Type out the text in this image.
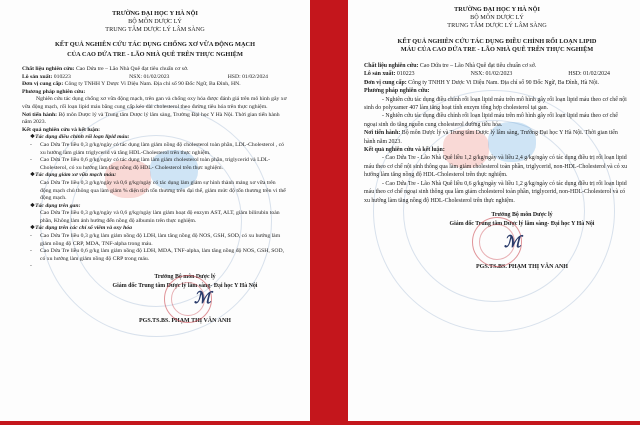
TRƯỜNG ĐẠI HỌC Y HÀ NỘI
BỘ MÔN DƯỢC LÝ
TRUNG TÂM DƯỢC LÝ LÂM SÀNG
KẾT QUẢ NGHIÊN CỨU TÁC DỤNG CHỐNG XƠ VỮA ĐỘNG MẠCH
CỦA CAO DỨA TRE - LÃO NHÀ QUÊ TRÊN THỰC NGHIỆM
Chất liệu nghiên cứu: Cao Dứa tre – Lão Nhà Quê đạt tiêu chuẩn cơ sở.
Lô sản xuất: 010223	NSX: 01/02/2023	HSD: 01/02/2024
Đơn vị cung cấp: Công ty TNHH Y Dược Vi Diệu Nam. Địa chỉ số 90 Đốc Ngữ, Ba Đình, HN.
Phương pháp nghiên cứu:
Nghiên cứu tác dụng chống xơ vữa động mạch, trên gan và chống oxy hóa được đánh giá trên mô hình gây xơ vữa động mạch, rối loạn lipid máu bằng cung cấp kéo dài cholesterol theo đường tiêu hóa trên thực nghiệm.
Nơi tiến hành: Bộ môn Dược lý và Trung tâm Dược lý lâm sàng, Trường Đại học Y Hà Nội. Thời gian tiến hành năm 2023.
Kết quả nghiên cứu và kết luận:
❖ Tác dụng điều chỉnh rối loạn lipid máu:
- Cao Dứa Tre liều 0,3 g/kg/ngày có tác dụng làm giảm nồng độ cholesterol toàn phần, LDL-Cholesterol , có xu hướng làm giảm triglycerid và tăng HDL-Cholesterol trên thực nghiệm.
- Cao Dứa Tre liều 0,6 g/kg/ngày có tác dụng làm làm giảm cholesterol toàn phần, triglycerid và LDL- Cholesterol, có xu hướng làm tăng nồng độ HDL- Cholesterol trên thực nghiệm.
❖ Tác dụng giảm xơ vữa mạch máu:
Cao Dứa Tre liều 0,3 g/kg/ngày và 0,6 g/kg/ngày có tác dụng làm giảm sự hình thành mảng xơ vữa trên động mạch chủ thông qua làm giảm % diện tích tổn thương trên đại thể, giảm mức độ tổn thương trên vi thể động mạch.
❖ Tác dụng trên gan:
Cao Dứa Tre liều 0,3 g/kg/ngày và 0,6 g/kg/ngày làm giảm hoạt độ enzym AST, ALT, giảm bilirubin toàn phần, Không làm ảnh hưởng đến nồng độ albumin trên thực nghiệm.
❖ Tác dụng trên các chỉ số viêm và oxy hóa
- Cao Dứa Tre liều 0,3 g/kg làm giảm nồng độ LDH, làm tăng nồng độ NOS, GSH, SOD, có xu hướng làm giảm nồng độ CRP, MDA, TNF-alpha trong máu.
- Cao Dứa Tre liều 0,6 g/kg làm giảm nồng độ LDH, MDA, TNF-alpha, làm tăng nồng độ NOS, GSH, SOD, có xu hướng làm giảm nồng độ CRP trong máu.
-

ℳ
Trưởng Bộ môn Dược lý
Giám đốc Trung tâm Dược lý lâm sàng- Đại học Y Hà Nội
PGS.TS.BS. PHẠM THỊ VÂN ANH
TRƯỜNG ĐẠI HỌC Y HÀ NỘI
BỘ MÔN DƯỢC LÝ
TRUNG TÂM DƯỢC LÝ LÂM SÀNG
KẾT QUẢ NGHIÊN CỨU TÁC DỤNG ĐIỀU CHỈNH RỐI LOẠN LIPID
MÁU CỦA CAO DỨA TRE - LÃO NHÀ QUÊ TRÊN THỰC NGHIỆM
Chất liệu nghiên cứu: Cao Dứa tre – Lão Nhà Quê đạt tiêu chuẩn cơ sở.
Lô sản xuất: 010223	NSX: 01/02/2023	HSD: 01/02/2024
Đơn vị cung cấp: Công ty TNHH Y Dược Vi Diệu Nam. Địa chỉ số 90 Đốc Ngữ, Ba Đình, Hà Nội.
Phương pháp nghiên cứu:
- Nghiên cứu tác dụng điều chỉnh rối loạn lipid máu trên mô hình gây rối loạn lipid máu theo cơ chế nội sinh do polyxamer 407 làm tăng hoạt tính enzym tổng hợp cholesterol tại gan.
- Nghiên cứu tác dụng điều chỉnh rối loạn lipid máu trên mô hình gây rối loạn lipid máu theo cơ chế ngoại sinh do tăng nguồn cung cholesterol đường tiêu hóa.
Nơi tiến hành: Bộ môn Dược lý và Trung tâm Dược lý lâm sàng, Trường Đại học Y Hà Nội. Thời gian tiến hành năm 2023.
Kết quả nghiên cứu và kết luận:
- Cao Dứa Tre - Lão Nhà Quê liều 1,2 g/kg/ngày và liều 2,4 g/kg/ngày có tác dụng điều trị rối loạn lipid máu theo cơ chế nội sinh thông qua làm giảm cholesterol toàn phần, triglycerid, non-HDL-Cholesterol và có xu hướng làm tăng nồng độ HDL-Cholesterol trên thực nghiệm.
- Cao Dứa Tre - Lão Nhà Quê liều 0,6 g/kg/ngày và liều 1,2 g/kg/ngày có tác dụng điều trị rối loạn lipid máu theo cơ chế ngoại sinh thông qua làm giảm cholesterol toàn phần, triglycerid, non-HDL-Cholesterol và có xu hướng làm tăng nồng độ HDL-Cholesterol trên thực nghiệm.
ℳ
Trưởng Bộ môn Dược lý
Giám đốc Trung tâm Dược lý lâm sàng- Đại học Y Hà Nội
PGS.TS.BS. PHẠM THỊ VÂN ANH
